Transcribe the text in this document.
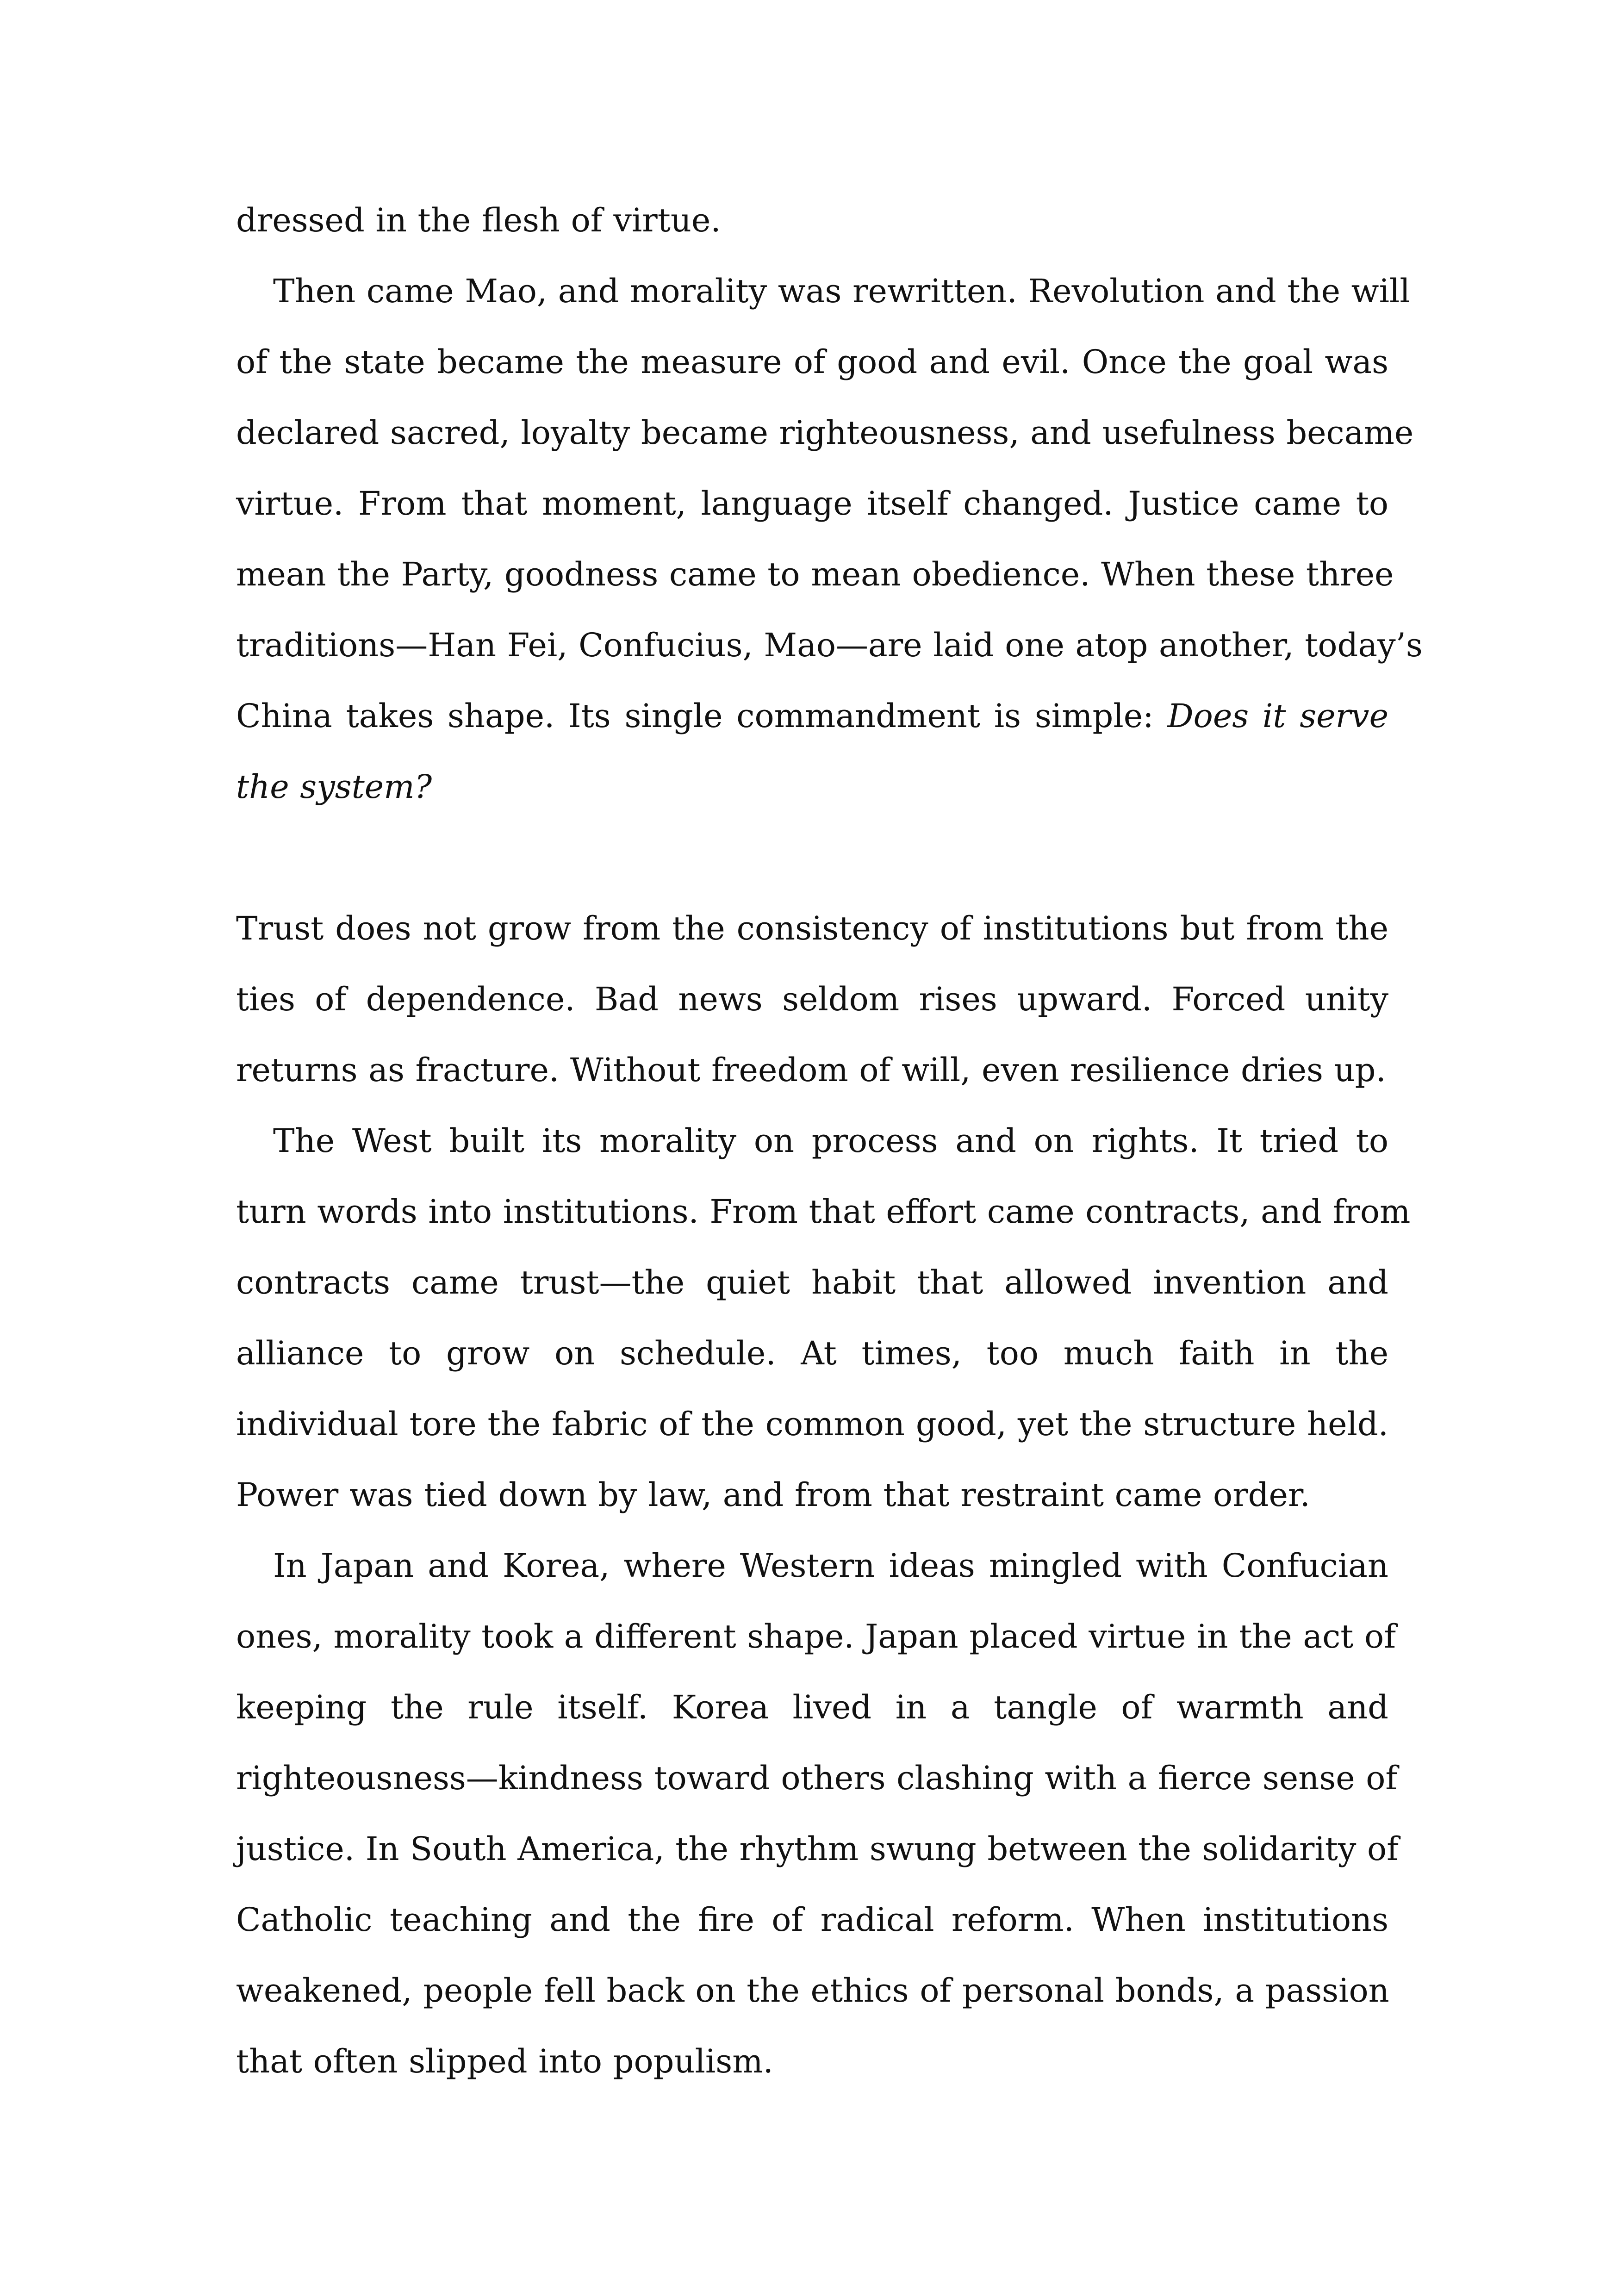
dressed in the flesh of virtue.
Then came Mao, and morality was rewritten. Revolution and the will
of the state became the measure of good and evil. Once the goal was
declared sacred, loyalty became righteousness, and usefulness became
virtue. From that moment, language itself changed. Justice came to
mean the Party, goodness came to mean obedience. When these three
traditions—Han Fei, Confucius, Mao—are laid one atop another, today’s
China takes shape. Its single commandment is simple: Does it serve
the system?
Trust does not grow from the consistency of institutions but from the
ties of dependence. Bad news seldom rises upward. Forced unity
returns as fracture. Without freedom of will, even resilience dries up.
The West built its morality on process and on rights. It tried to
turn words into institutions. From that effort came contracts, and from
contracts came trust—the quiet habit that allowed invention and
alliance to grow on schedule. At times, too much faith in the
individual tore the fabric of the common good, yet the structure held.
Power was tied down by law, and from that restraint came order.
In Japan and Korea, where Western ideas mingled with Confucian
ones, morality took a different shape. Japan placed virtue in the act of
keeping the rule itself. Korea lived in a tangle of warmth and
righteousness—kindness toward others clashing with a fierce sense of
justice. In South America, the rhythm swung between the solidarity of
Catholic teaching and the fire of radical reform. When institutions
weakened, people fell back on the ethics of personal bonds, a passion
that often slipped into populism.
